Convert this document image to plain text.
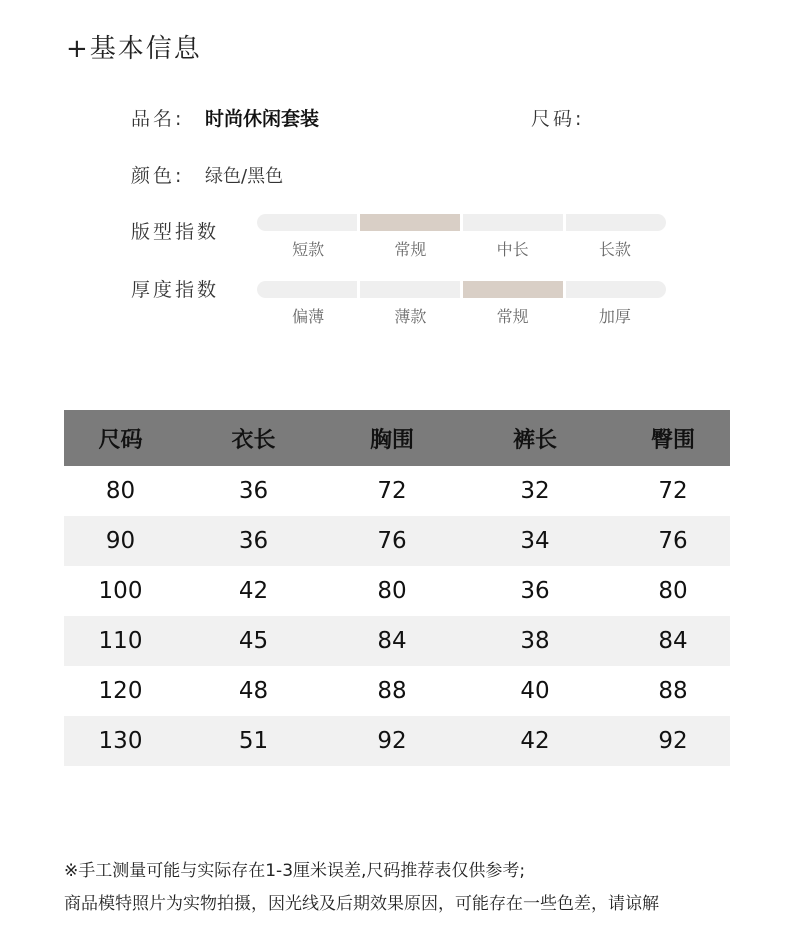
+基本信息
品名: 时尚休闲套装	尺码:
颜色: 绿色/黑色
版型指数
短款	常规	中长	长款
厚度指数
偏薄	薄款	常规	加厚
尺码	衣长	胸围	裤长	臀围
80	36	72	32	72
90	36	76	34	76
100	42	80	36	80
110	45	84	38	84
120	48	88	40	88
130	51	92	42	92
※手工测量可能与实际存在1-3厘米误差,尺码推荐表仅供参考;
商品模特照片为实物拍摄，因光线及后期效果原因，可能存在一些色差，请谅解
